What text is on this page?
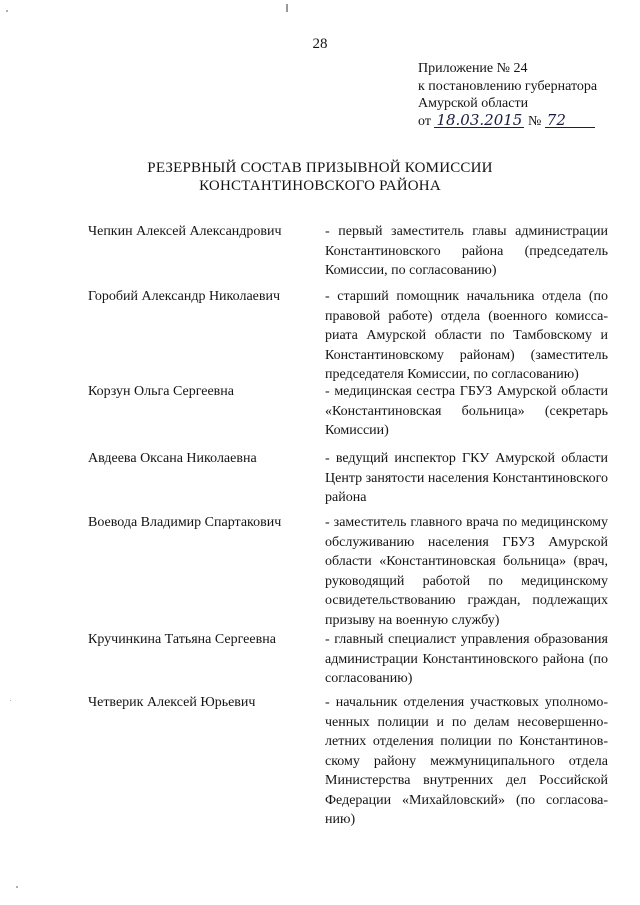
28
Приложение № 24
к постановлению губернатора
Амурской области
от 18.03.2015 № 72
РЕЗЕРВНЫЙ СОСТАВ ПРИЗЫВНОЙ КОМИССИИ
КОНСТАНТИНОВСКОГО РАЙОНА
Чепкин Алексей Александрович	- первый заместитель главы администрации Константиновского района (председатель Комиссии, по согласованию)
Горобий Александр Николаевич	- старший помощник начальника отдела (по правовой работе) отдела (военного комиссариата Амурской области по Тамбовскому и Константиновскому районам) (заместитель председателя Комиссии, по согласованию)
Корзун Ольга Сергеевна	- медицинская сестра ГБУЗ Амурской области «Константиновская больница» (секретарь Комиссии)
Авдеева Оксана Николаевна	- ведущий инспектор ГКУ Амурской области Центр занятости населения Константиновского района
Воевода Владимир Спартакович	- заместитель главного врача по медицинскому обслуживанию населения ГБУЗ Амурской области «Константиновская больница» (врач, руководящий работой по медицинскому освидетельствованию граждан, подлежащих призыву на военную службу)
Кручинкина Татьяна Сергеевна	- главный специалист управления образования администрации Константиновского района (по согласованию)
Четверик Алексей Юрьевич	- начальник отделения участковых уполномоченных полиции и по делам несовершеннолетних отделения полиции по Константиновскому району межмуниципального отдела Министерства внутренних дел Российской Федерации «Михайловский» (по согласованию)
